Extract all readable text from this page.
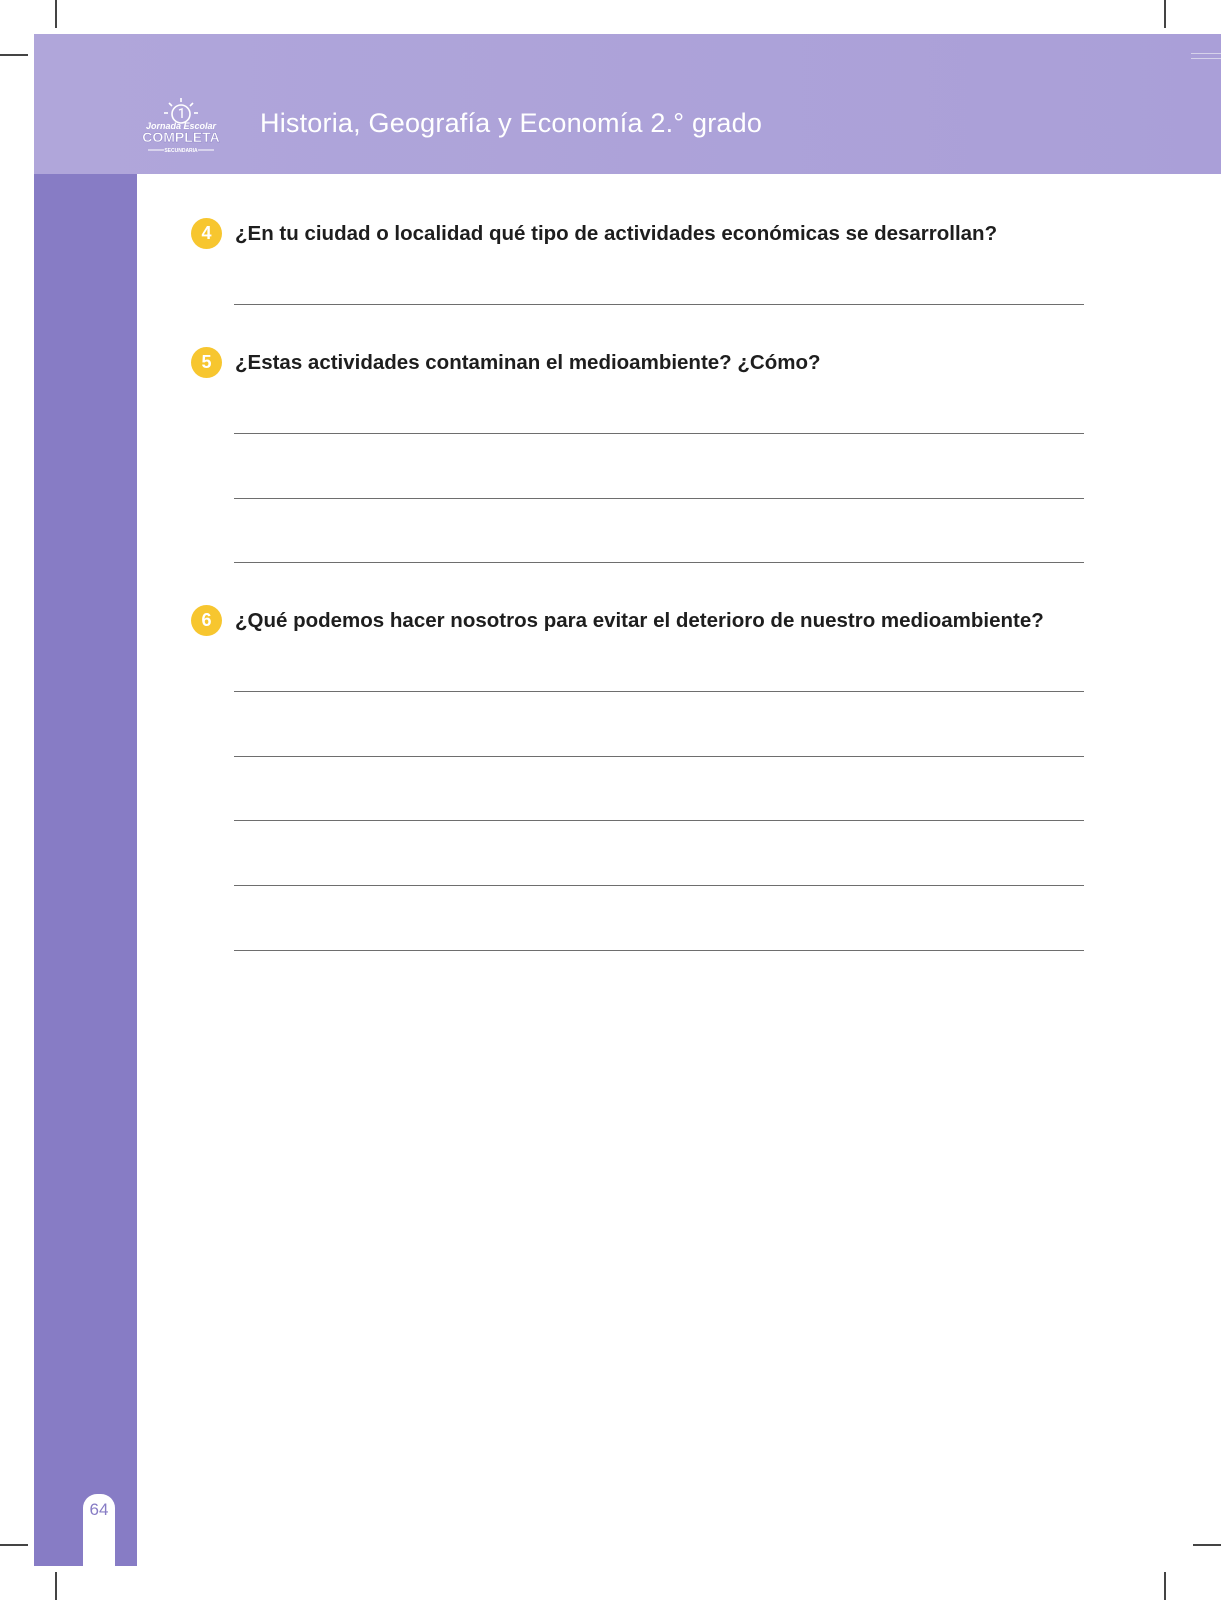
Jornada Escolar
COMPLETA
SECUNDARIA
Historia, Geografía y Economía 2.° grado
64
4	¿En tu ciudad o localidad qué tipo de actividades económicas se desarrollan?
5	¿Estas actividades contaminan el medioambiente? ¿Cómo?
6	¿Qué podemos hacer nosotros para evitar el deterioro de nuestro medioambiente?
